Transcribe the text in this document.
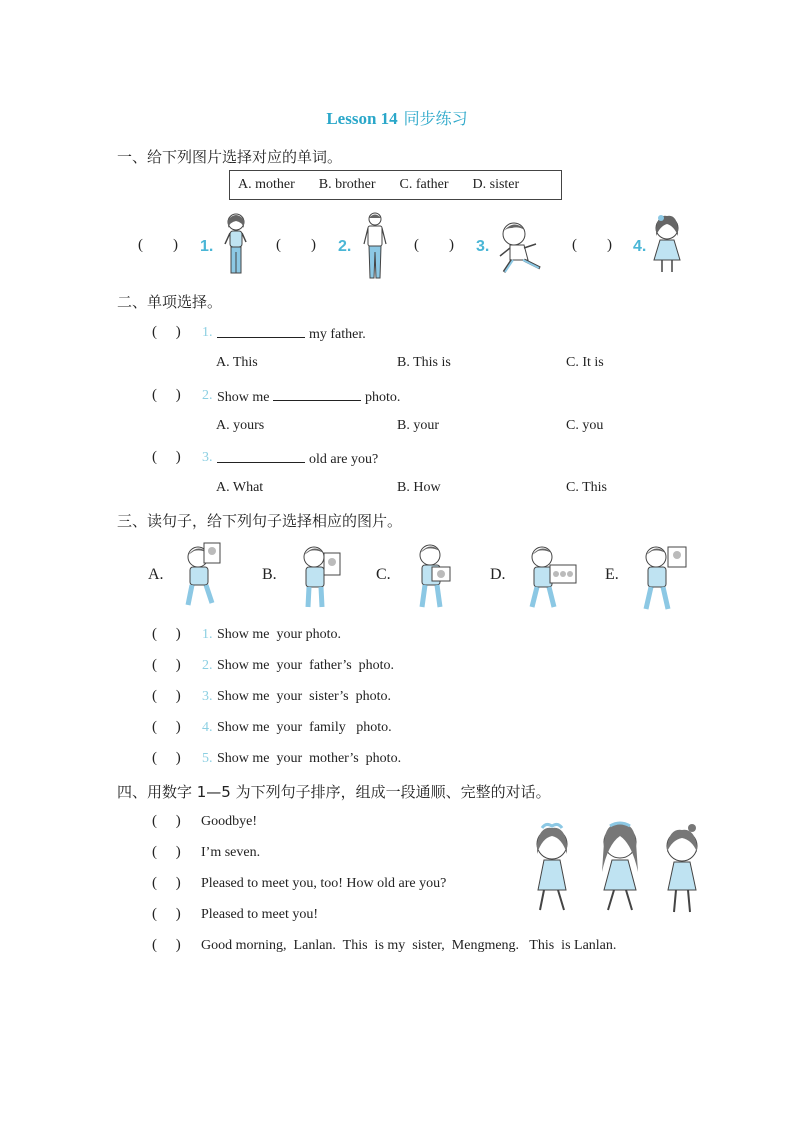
Lesson 14 同步练习
一、给下列图片选择对应的单词。
A. mother B. brother C. father D. sister
(        ) 1.	(        ) 2.	(        ) 3.	(        ) 4.
二、单项选择。
(     ) 1.	my father.
A. This	B. This is	C. It is
(     ) 2. Show me	photo.
A. yours	B. your	C. you
(     ) 3.	old are you?
A. What	B. How	C. This
三、读句子，给下列句子选择相应的图片。
A.	B.	C.	D.	E.
(     ) 1. Show me  your photo.
(     ) 2. Show me  your  father’s  photo.
(     ) 3. Show me  your  sister’s  photo.
(     ) 4. Show me  your  family   photo.
(     ) 5. Show me  your  mother’s  photo.
四、用数字 1—5 为下列句子排序，组成一段通顺、完整的对话。
(     ) Goodbye!
(     ) I’m seven.
(     ) Pleased to meet you, too! How old are you?
(     ) Pleased to meet you!
(     ) Good morning,  Lanlan.  This  is my  sister,  Mengmeng.   This  is Lanlan.
